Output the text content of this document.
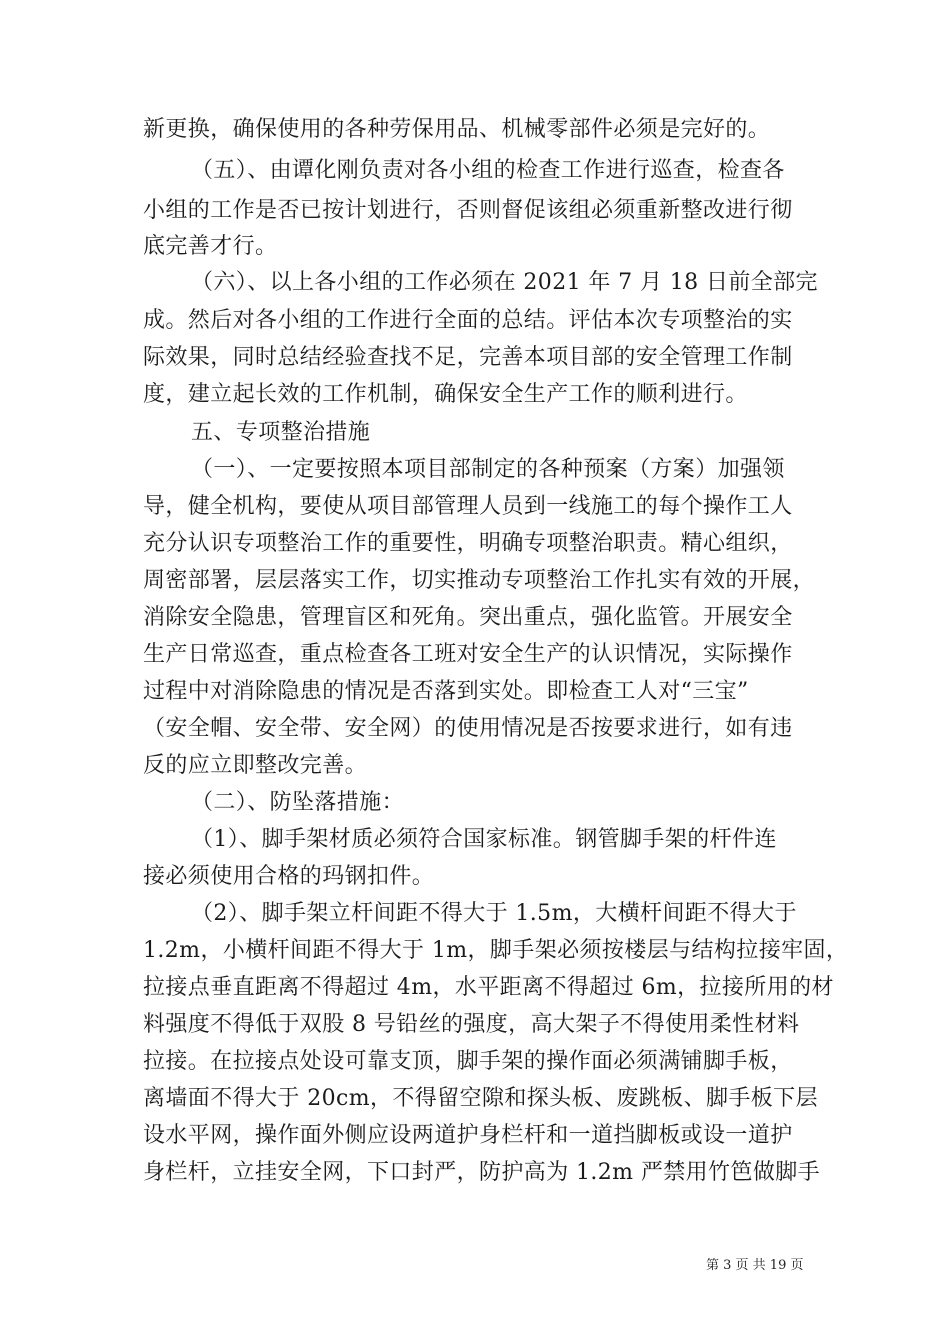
新更换，确保使用的各种劳保用品、机械零部件必须是完好的。
（五）、由谭化刚负责对各小组的检查工作进行巡查，检查各
小组的工作是否已按计划进行，否则督促该组必须重新整改进行彻
底完善才行。
（六）、以上各小组的工作必须在 2021 年 7 月 18 日前全部完
成。然后对各小组的工作进行全面的总结。评估本次专项整治的实
际效果，同时总结经验查找不足，完善本项目部的安全管理工作制
度，建立起长效的工作机制，确保安全生产工作的顺利进行。
五、专项整治措施
（一）、一定要按照本项目部制定的各种预案（方案）加强领
导，健全机构，要使从项目部管理人员到一线施工的每个操作工人
充分认识专项整治工作的重要性，明确专项整治职责。精心组织，
周密部署，层层落实工作，切实推动专项整治工作扎实有效的开展，
消除安全隐患，管理盲区和死角。突出重点，强化监管。开展安全
生产日常巡查，重点检查各工班对安全生产的认识情况，实际操作
过程中对消除隐患的情况是否落到实处。即检查工人对“三宝”
（安全帽、安全带、安全网）的使用情况是否按要求进行，如有违
反的应立即整改完善。
（二）、防坠落措施：
（1）、脚手架材质必须符合国家标准。钢管脚手架的杆件连
接必须使用合格的玛钢扣件。
（2）、脚手架立杆间距不得大于 1.5m，大横杆间距不得大于
1.2m，小横杆间距不得大于 1m，脚手架必须按楼层与结构拉接牢固，
拉接点垂直距离不得超过 4m，水平距离不得超过 6m，拉接所用的材
料强度不得低于双股 8 号铅丝的强度，高大架子不得使用柔性材料
拉接。在拉接点处设可靠支顶，脚手架的操作面必须满铺脚手板，
离墙面不得大于 20cm，不得留空隙和探头板、废跳板、脚手板下层
设水平网，操作面外侧应设两道护身栏杆和一道挡脚板或设一道护
身栏杆，立挂安全网，下口封严，防护高为 1.2m 严禁用竹笆做脚手
第 3 页 共 19 页
